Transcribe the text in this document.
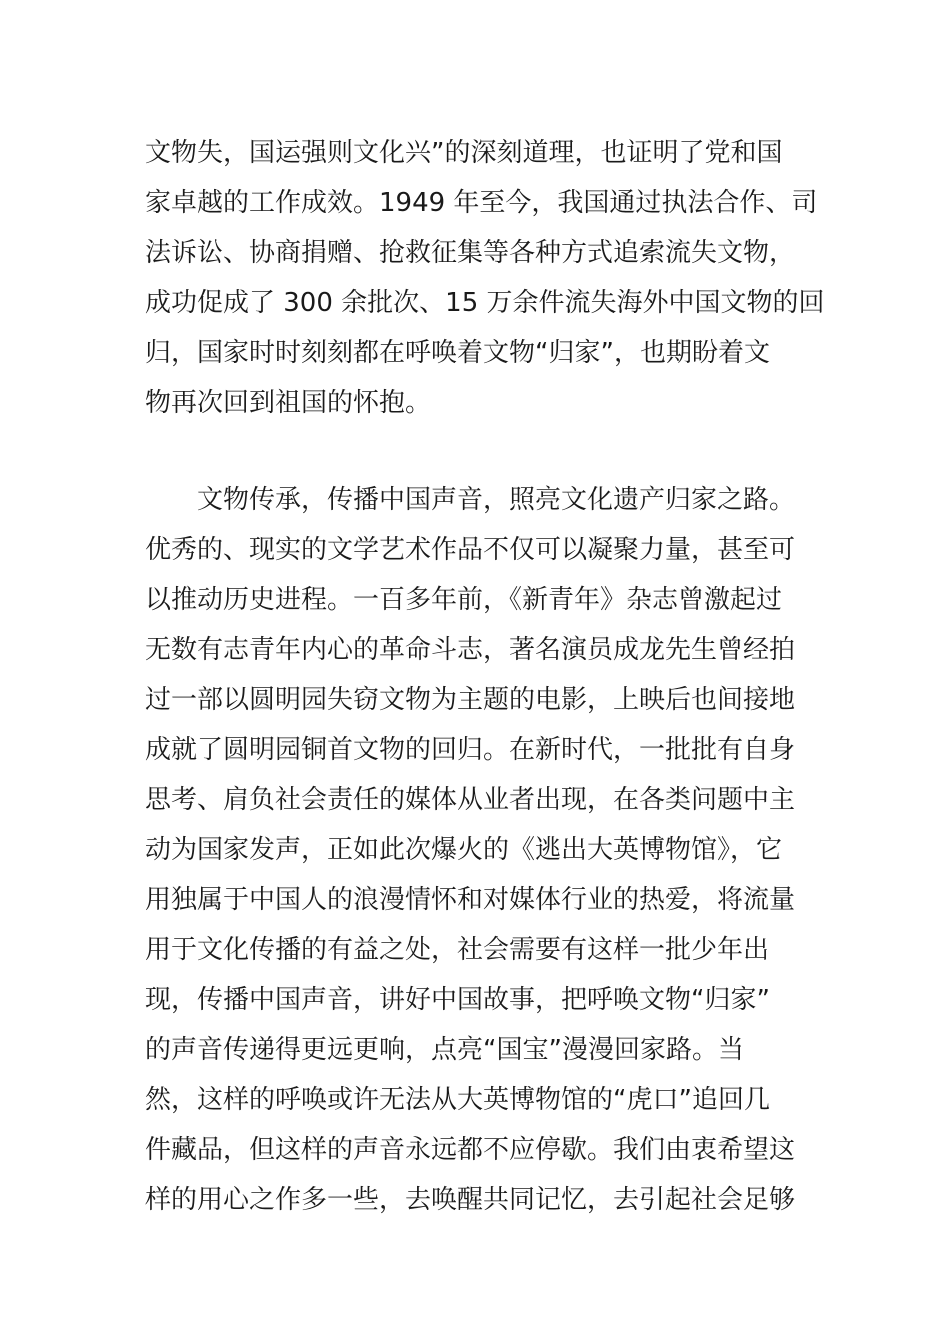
文物失，国运强则文化兴”的深刻道理，也证明了党和国
家卓越的工作成效。1949 年至今，我国通过执法合作、司
法诉讼、协商捐赠、抢救征集等各种方式追索流失文物，
成功促成了 300 余批次、15 万余件流失海外中国文物的回
归，国家时时刻刻都在呼唤着文物“归家”，也期盼着文
物再次回到祖国的怀抱。
　　文物传承，传播中国声音，照亮文化遗产归家之路。
优秀的、现实的文学艺术作品不仅可以凝聚力量，甚至可
以推动历史进程。一百多年前，《新青年》杂志曾激起过
无数有志青年内心的革命斗志，著名演员成龙先生曾经拍
过一部以圆明园失窃文物为主题的电影，上映后也间接地
成就了圆明园铜首文物的回归。在新时代，一批批有自身
思考、肩负社会责任的媒体从业者出现，在各类问题中主
动为国家发声，正如此次爆火的《逃出大英博物馆》，它
用独属于中国人的浪漫情怀和对媒体行业的热爱，将流量
用于文化传播的有益之处，社会需要有这样一批少年出
现，传播中国声音，讲好中国故事，把呼唤文物“归家”
的声音传递得更远更响，点亮“国宝”漫漫回家路。当
然，这样的呼唤或许无法从大英博物馆的“虎口”追回几
件藏品，但这样的声音永远都不应停歇。我们由衷希望这
样的用心之作多一些，去唤醒共同记忆，去引起社会足够
